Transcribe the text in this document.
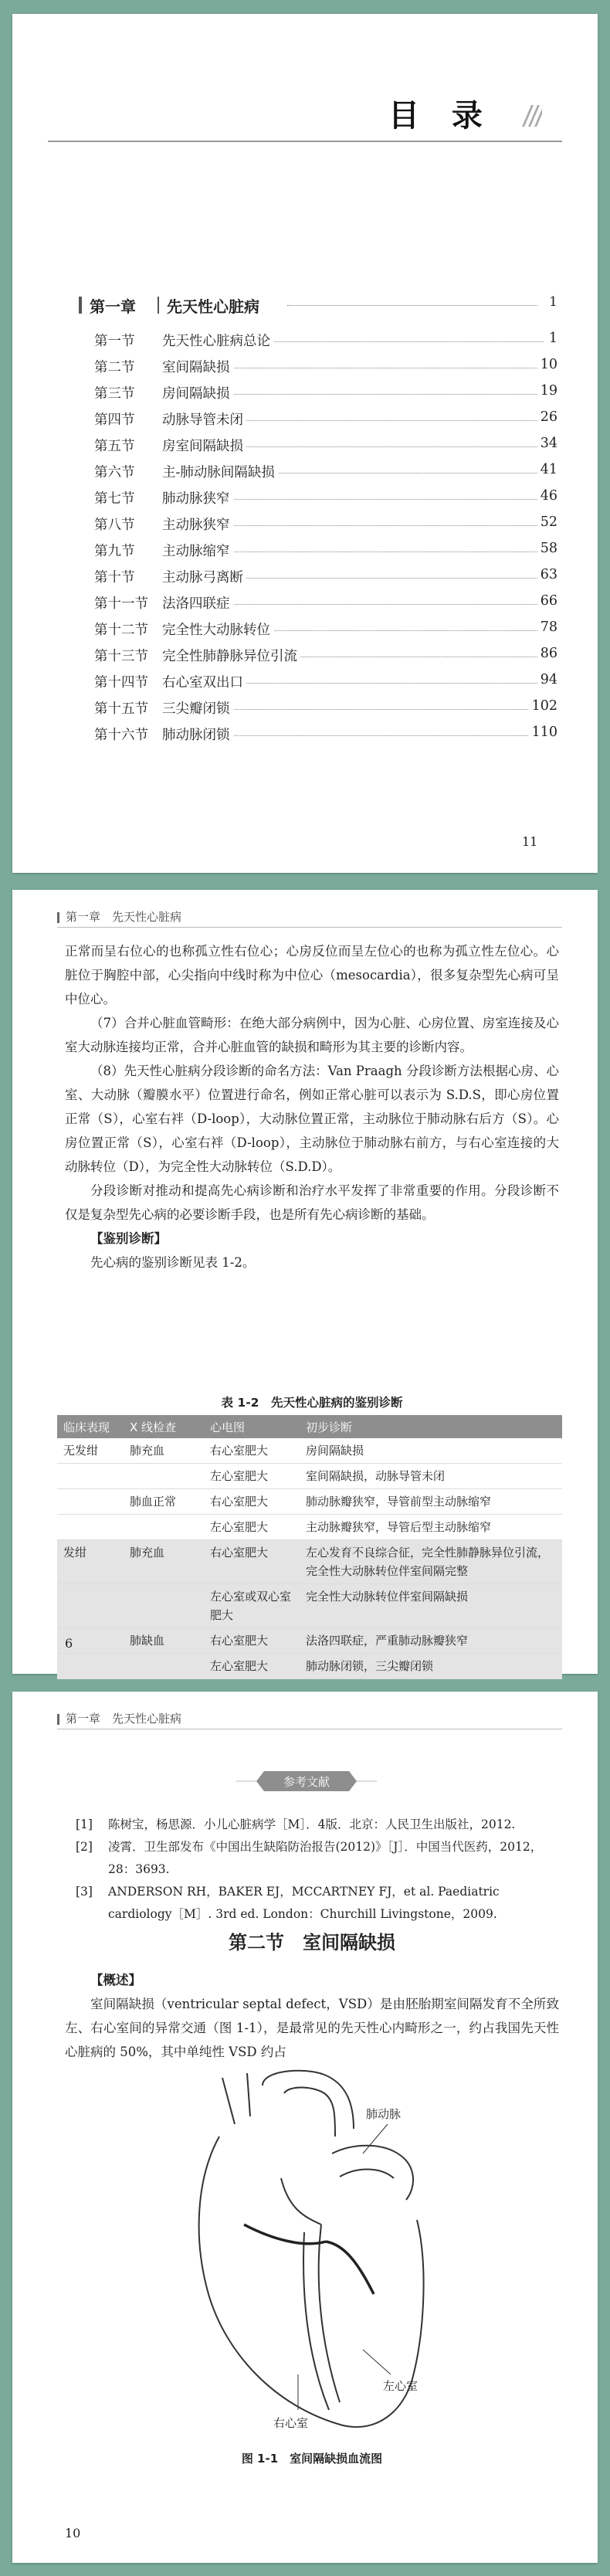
目 录
第一章 先天性心脏病	1
第一节 先天性心脏病总论	1
第二节 室间隔缺损	10
第三节 房间隔缺损	19
第四节 动脉导管未闭	26
第五节 房室间隔缺损	34
第六节 主-肺动脉间隔缺损	41
第七节 肺动脉狭窄	46
第八节 主动脉狭窄	52
第九节 主动脉缩窄	58
第十节 主动脉弓离断	63
第十一节 法洛四联症	66
第十二节 完全性大动脉转位	78
第十三节 完全性肺静脉异位引流	86
第十四节 右心室双出口	94
第十五节 三尖瓣闭锁	102
第十六节 肺动脉闭锁	110
11
第一章　先天性心脏病

正常而呈右位心的也称孤立性右位心；心房反位而呈左位心的也称为孤立性左位心。心脏位于胸腔中部，心尖指向中线时称为中位心（mesocardia），很多复杂型先心病可呈中位心。

（7）合并心脏血管畸形：在绝大部分病例中，因为心脏、心房位置、房室连接及心室大动脉连接均正常，合并心脏血管的缺损和畸形为其主要的诊断内容。

（8）先天性心脏病分段诊断的命名方法：Van Praagh 分段诊断方法根据心房、心室、大动脉（瓣膜水平）位置进行命名，例如正常心脏可以表示为 S.D.S，即心房位置正常（S），心室右袢（D-loop），大动脉位置正常，主动脉位于肺动脉右后方（S）。心房位置正常（S），心室右袢（D-loop），主动脉位于肺动脉右前方，与右心室连接的大动脉转位（D），为完全性大动脉转位（S.D.D）。

分段诊断对推动和提高先心病诊断和治疗水平发挥了非常重要的作用。分段诊断不仅是复杂型先心病的必要诊断手段，也是所有先心病诊断的基础。

【鉴别诊断】

先心病的鉴别诊断见表 1-2。

表 1-2　先天性心脏病的鉴别诊断
临床表现	X 线检查	心电图	初步诊断
无发绀	肺充血	右心室肥大	房间隔缺损
		左心室肥大	室间隔缺损，动脉导管未闭
	肺血正常	右心室肥大	肺动脉瓣狭窄，导管前型主动脉缩窄
		左心室肥大	主动脉瓣狭窄，导管后型主动脉缩窄
发绀	肺充血	右心室肥大	左心发育不良综合征，完全性肺静脉异位引流，完全性大动脉转位伴室间隔完整
		左心室或双心室肥大	完全性大动脉转位伴室间隔缺损
	肺缺血	右心室肥大	法洛四联症，严重肺动脉瓣狭窄
		左心室肥大	肺动脉闭锁，三尖瓣闭锁
6
第一章　先天性心脏病
参考文献
[1] 陈树宝，杨思源．小儿心脏病学［M］．4版．北京：人民卫生出版社，2012.
[2] 凌霄．卫生部发布《中国出生缺陷防治报告(2012)》［J］．中国当代医药，2012，28：3693.
[3] ANDERSON RH，BAKER EJ，MCCARTNEY FJ，et al. Paediatric cardiology［M］. 3rd ed. London：Churchill Livingstone，2009.
第二节　室间隔缺损

【概述】

室间隔缺损（ventricular septal defect，VSD）是由胚胎期室间隔发育不全所致左、右心室间的异常交通（图 1-1），是最常见的先天性心内畸形之一，约占我国先天性心脏病的 50%，其中单纯性 VSD 约占

肺动脉
左心室
右心室
图 1-1　室间隔缺损血流图
10
